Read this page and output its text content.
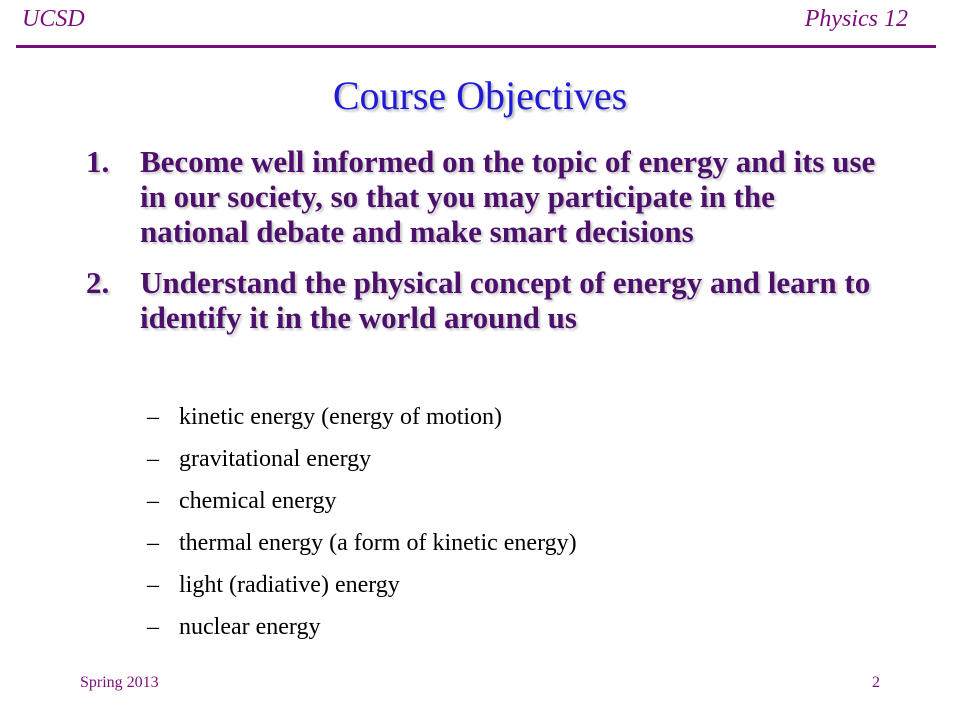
UCSD	Physics 12
Course Objectives
1. Become well informed on the topic of energy and its use in our society, so that you may participate in the national debate and make smart decisions
2. Understand the physical concept of energy and learn to identify it in the world around us
– kinetic energy (energy of motion)
– gravitational energy
– chemical energy
– thermal energy (a form of kinetic energy)
– light (radiative) energy
– nuclear energy
Spring 2013	2
